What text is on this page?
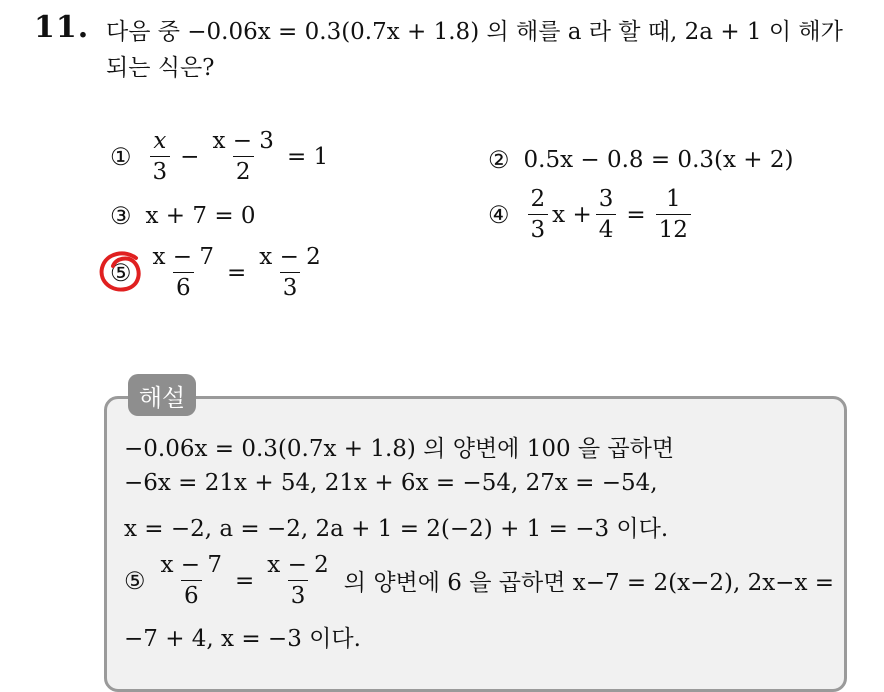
11. 다음 중 −0.06x = 0.3(0.7x + 1.8) 의 해를 a 라 할 때, 2a + 1 이 해가
되는 식은?
① $\frac{x}{3} - \frac{x - 3}{2} = 1$	② 0.5x − 0.8 = 0.3(x + 2)
③ x + 7 = 0	④ $\frac{2}{3}$ $x + \frac{3}{4} = \frac{1}{12}$
⑤ $\frac{x - 7}{6} = \frac{x - 2}{3}$
해설
−0.06x = 0.3(0.7x + 1.8) 의 양변에 100 을 곱하면
−6x = 21x + 54, 21x + 6x = −54, 27x = −54,
x = −2, a = −2, 2a + 1 = 2(−2) + 1 = −3 이다.
⑤ $\frac{x - 7}{6} = \frac{x - 2}{3}$ 의 양변에 6 을 곱하면 x−7 = 2(x−2), 2x−x =
−7 + 4, x = −3 이다.
